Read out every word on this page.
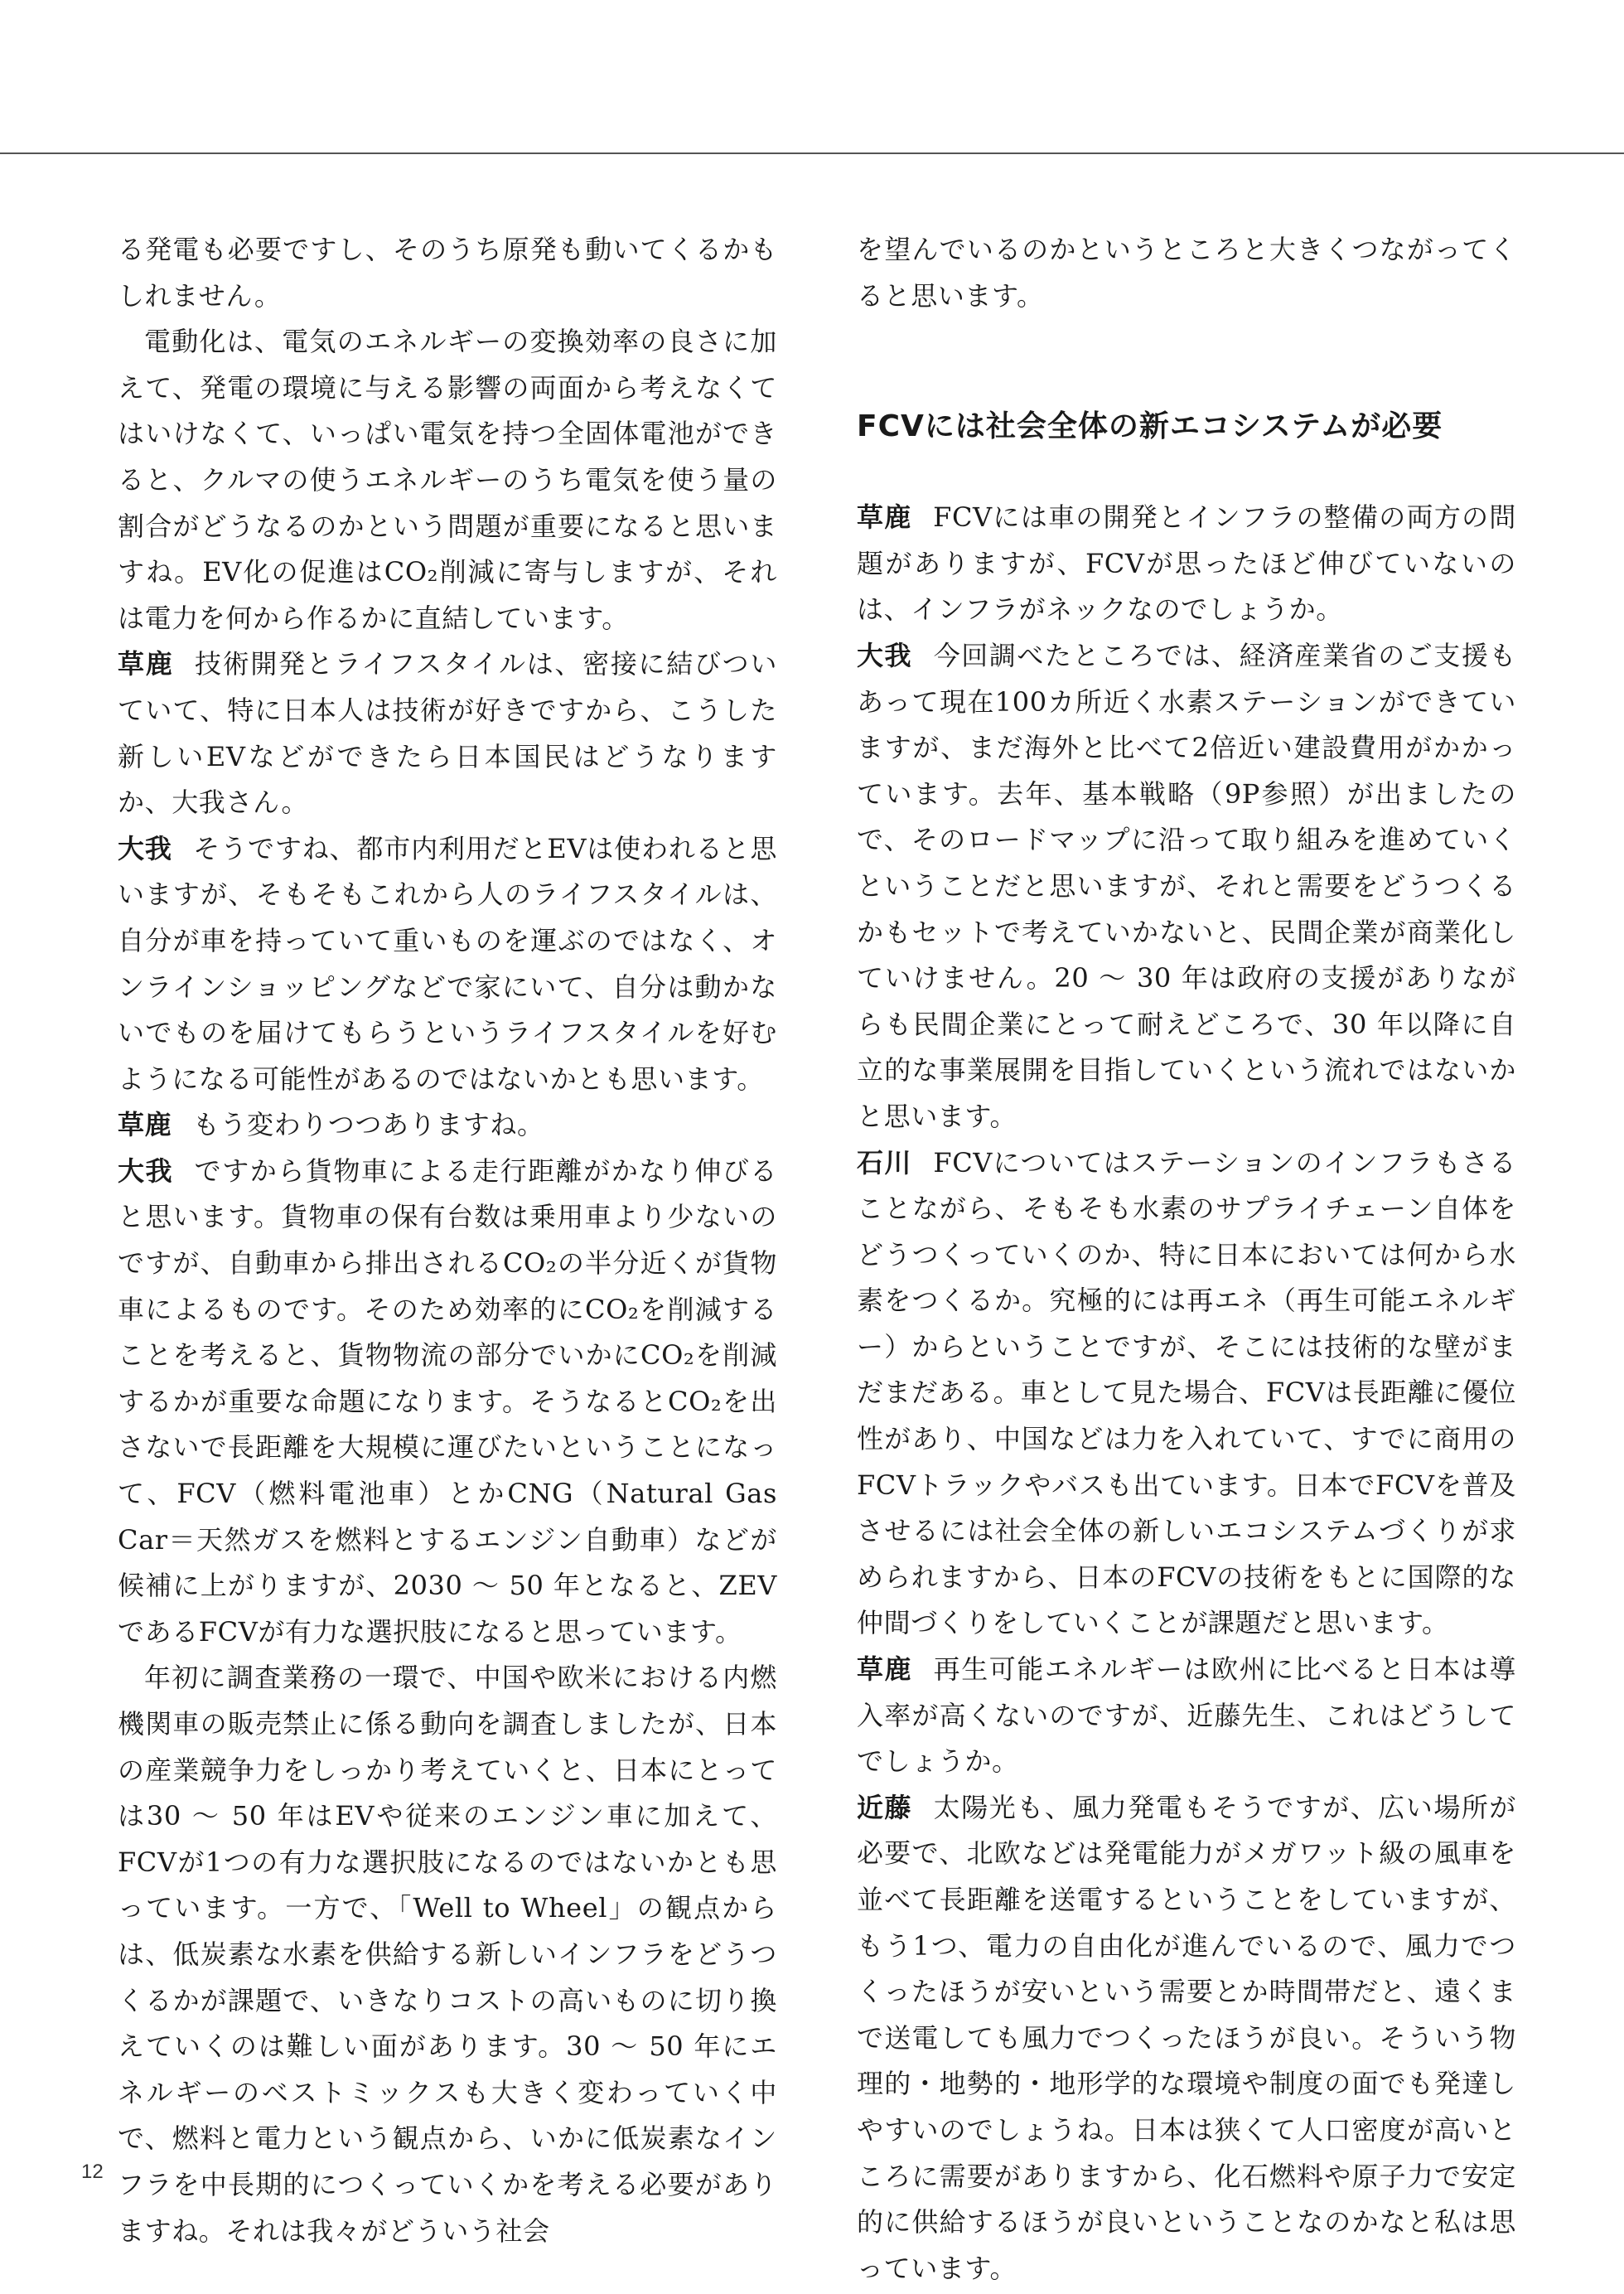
る発電も必要ですし、そのうち原発も動いてくるかもしれません。

電動化は、電気のエネルギーの変換効率の良さに加えて、発電の環境に与える影響の両面から考えなくてはいけなくて、いっぱい電気を持つ全固体電池ができると、クルマの使うエネルギーのうち電気を使う量の割合がどうなるのかという問題が重要になると思いますね。EV化の促進はCO₂削減に寄与しますが、それは電力を何から作るかに直結しています。

草鹿 技術開発とライフスタイルは、密接に結びついていて、特に日本人は技術が好きですから、こうした新しいEVなどができたら日本国民はどうなりますか、大我さん。

大我 そうですね、都市内利用だとEVは使われると思いますが、そもそもこれから人のライフスタイルは、自分が車を持っていて重いものを運ぶのではなく、オンラインショッピングなどで家にいて、自分は動かないでものを届けてもらうというライフスタイルを好むようになる可能性があるのではないかとも思います。

草鹿 もう変わりつつありますね。

大我 ですから貨物車による走行距離がかなり伸びると思います。貨物車の保有台数は乗用車より少ないのですが、自動車から排出されるCO₂の半分近くが貨物車によるものです。そのため効率的にCO₂を削減することを考えると、貨物物流の部分でいかにCO₂を削減するかが重要な命題になります。そうなるとCO₂を出さないで長距離を大規模に運びたいということになって、FCV（燃料電池車）とかCNG（Natural Gas Car＝天然ガスを燃料とするエンジン自動車）などが候補に上がりますが、2030 ～ 50 年となると、ZEVであるFCVが有力な選択肢になると思っています。

年初に調査業務の一環で、中国や欧米における内燃機関車の販売禁止に係る動向を調査しましたが、日本の産業競争力をしっかり考えていくと、日本にとっては30 ～ 50 年はEVや従来のエンジン車に加えて、FCVが1つの有力な選択肢になるのではないかとも思っています。一方で、「Well to Wheel」の観点からは、低炭素な水素を供給する新しいインフラをどうつくるかが課題で、いきなりコストの高いものに切り換えていくのは難しい面があります。30 ～ 50 年にエネルギーのベストミックスも大きく変わっていく中で、燃料と電力という観点から、いかに低炭素なインフラを中長期的につくっていくかを考える必要がありますね。それは我々がどういう社会

を望んでいるのかというところと大きくつながってくると思います。

FCVには社会全体の新エコシステムが必要

草鹿 FCVには車の開発とインフラの整備の両方の問題がありますが、FCVが思ったほど伸びていないのは、インフラがネックなのでしょうか。

大我 今回調べたところでは、経済産業省のご支援もあって現在100カ所近く水素ステーションができていますが、まだ海外と比べて2倍近い建設費用がかかっています。去年、基本戦略（9P参照）が出ましたので、そのロードマップに沿って取り組みを進めていくということだと思いますが、それと需要をどうつくるかもセットで考えていかないと、民間企業が商業化していけません。20 ～ 30 年は政府の支援がありながらも民間企業にとって耐えどころで、30 年以降に自立的な事業展開を目指していくという流れではないかと思います。

石川 FCVについてはステーションのインフラもさることながら、そもそも水素のサプライチェーン自体をどうつくっていくのか、特に日本においては何から水素をつくるか。究極的には再エネ（再生可能エネルギー）からということですが、そこには技術的な壁がまだまだある。車として見た場合、FCVは長距離に優位性があり、中国などは力を入れていて、すでに商用のFCVトラックやバスも出ています。日本でFCVを普及させるには社会全体の新しいエコシステムづくりが求められますから、日本のFCVの技術をもとに国際的な仲間づくりをしていくことが課題だと思います。

草鹿 再生可能エネルギーは欧州に比べると日本は導入率が高くないのですが、近藤先生、これはどうしてでしょうか。

近藤 太陽光も、風力発電もそうですが、広い場所が必要で、北欧などは発電能力がメガワット級の風車を並べて長距離を送電するということをしていますが、もう1つ、電力の自由化が進んでいるので、風力でつくったほうが安いという需要とか時間帯だと、遠くまで送電しても風力でつくったほうが良い。そういう物理的・地勢的・地形学的な環境や制度の面でも発達しやすいのでしょうね。日本は狭くて人口密度が高いところに需要がありますから、化石燃料や原子力で安定的に供給するほうが良いということなのかなと私は思っています。

12
